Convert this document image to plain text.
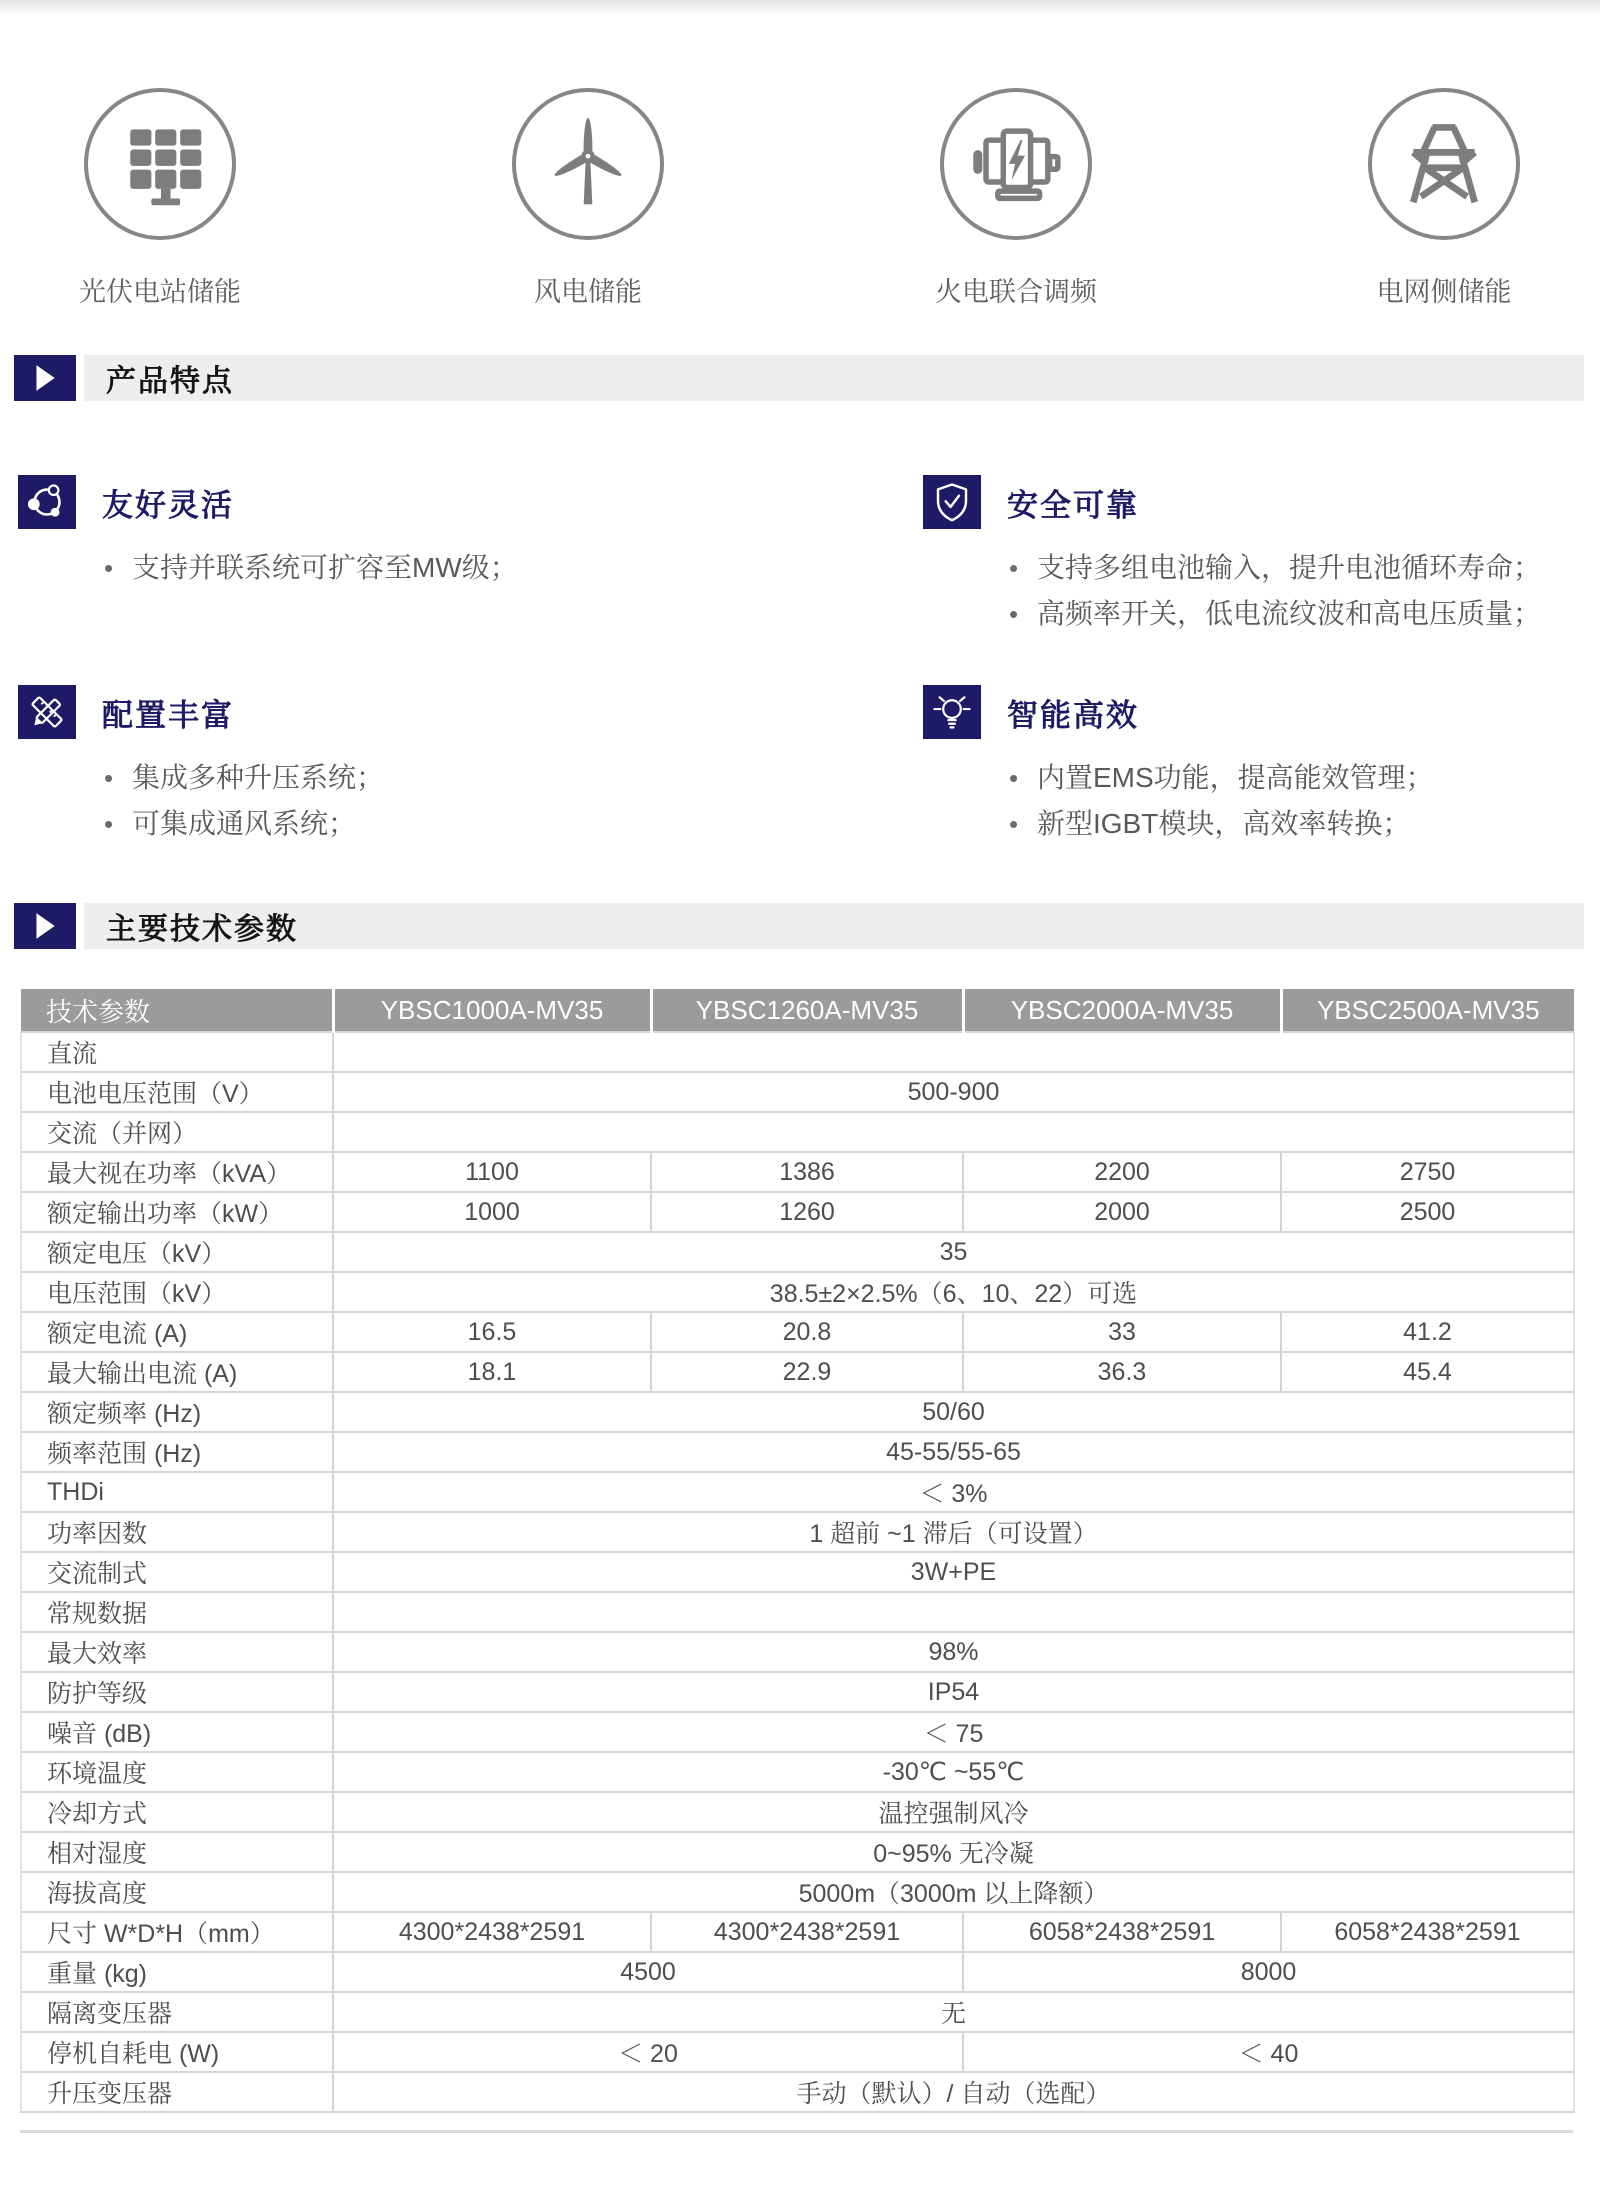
光伏电站储能	风电储能	火电联合调频	电网侧储能
产品特点
友好灵活
• 支持并联系统可扩容至MW级；
安全可靠
• 支持多组电池输入，提升电池循环寿命；
• 高频率开关，低电流纹波和高电压质量；
配置丰富
• 集成多种升压系统；
• 可集成通风系统；
智能高效
• 内置EMS功能，提高能效管理；
• 新型IGBT模块，高效率转换；
主要技术参数
技术参数	YBSC1000A-MV35	YBSC1260A-MV35	YBSC2000A-MV35	YBSC2500A-MV35
直流				
电池电压范围（V）	500-900			
交流（并网）				
最大视在功率（kVA）	1100	1386	2200	2750
额定输出功率（kW）	1000	1260	2000	2500
额定电压（kV）	35			
电压范围（kV）	38.5±2×2.5%（6、10、22）可选			
额定电流 (A)	16.5	20.8	33	41.2
最大输出电流 (A)	18.1	22.9	36.3	45.4
额定频率 (Hz)	50/60			
频率范围 (Hz)	45-55/55-65			
THDi	＜ 3%			
功率因数	1 超前 ~1 滞后（可设置）			
交流制式	3W+PE			
常规数据				
最大效率	98%			
防护等级	IP54			
噪音 (dB)	＜ 75			
环境温度	-30℃ ~55℃			
冷却方式	温控强制风冷			
相对湿度	0~95% 无冷凝			
海拔高度	5000m（3000m 以上降额）			
尺寸 W*D*H（mm）	4300*2438*2591	4300*2438*2591	6058*2438*2591	6058*2438*2591
重量 (kg)	4500		8000	
隔离变压器	无			
停机自耗电 (W)	＜ 20		＜ 40	
升压变压器	手动（默认）/ 自动（选配）			
